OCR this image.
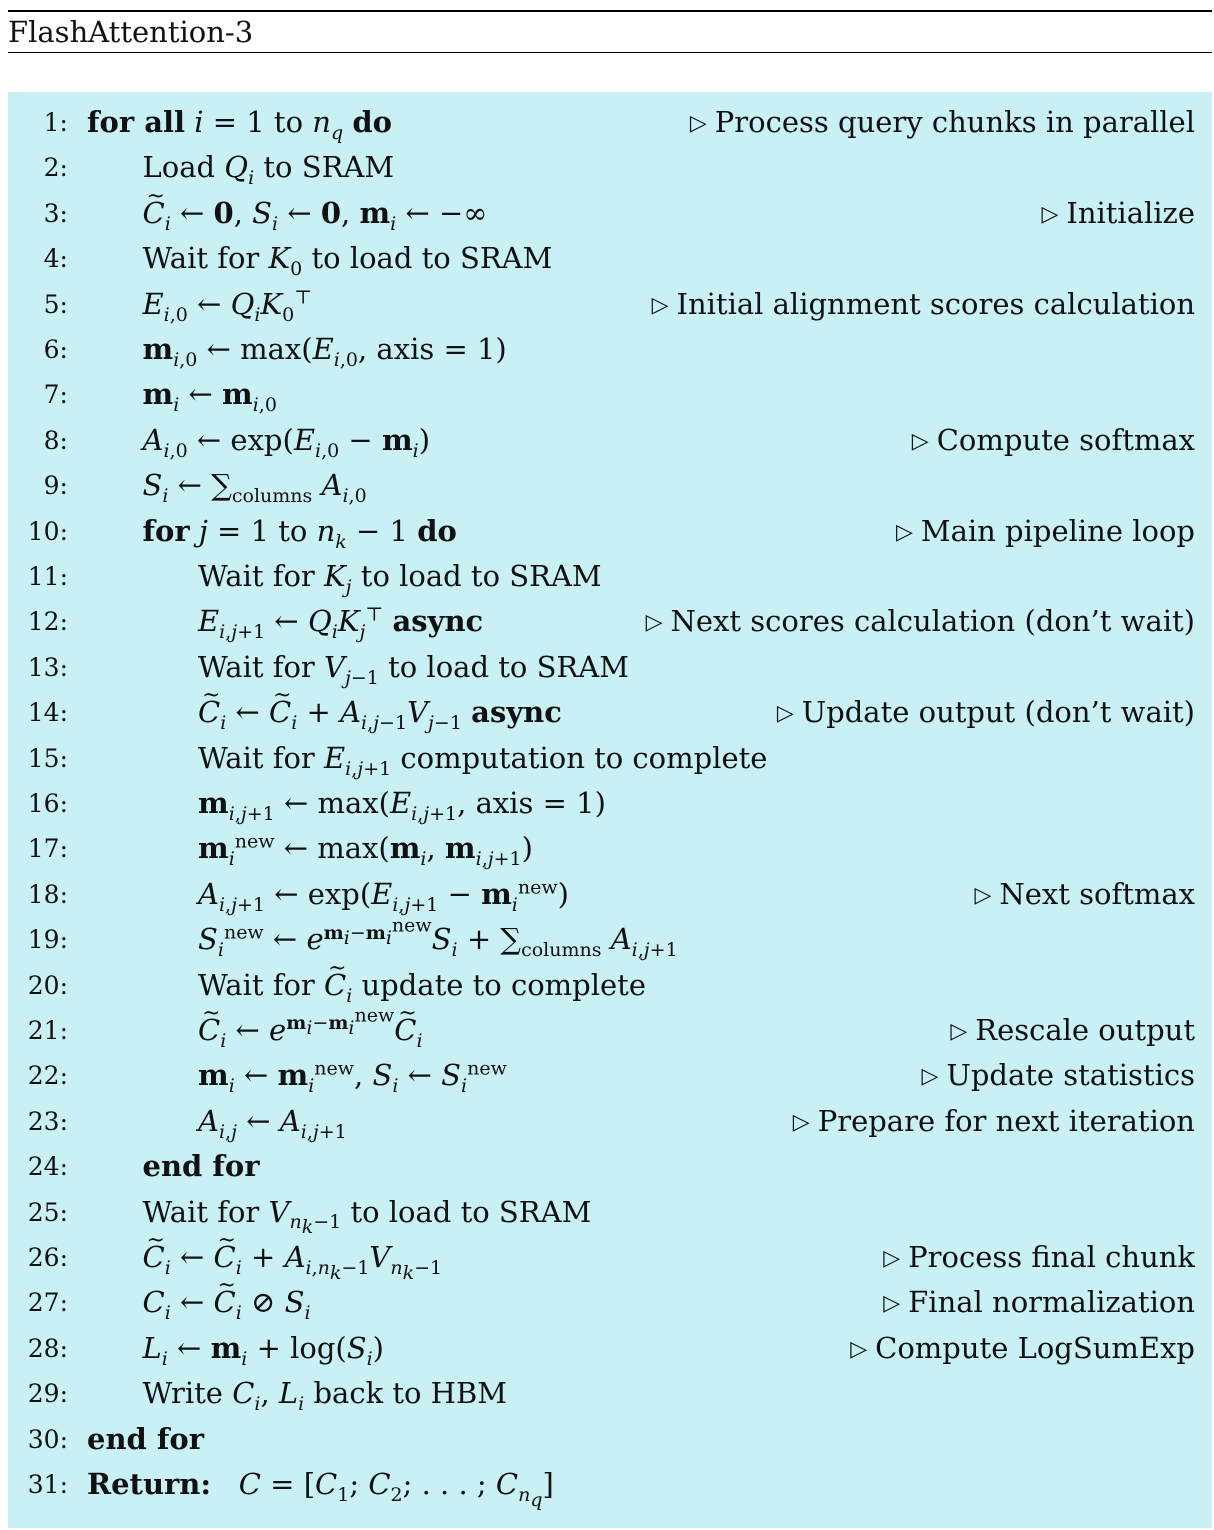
FlashAttention-3
1: for all i = 1 to $n_q$ do	▷ Process query chunks in parallel
2:	Load $Q_i$ to SRAM
3:	~ $C_i$ ← 0, $S_i$ ← 0, $m_i$ ← −∞	▷ Initialize
4:	Wait for $K_0$ to load to SRAM
5:	$E_{i,0}$ ← $Q_iK_0^⊤$	▷ Initial alignment scores calculation
6:	$m_{i,0}$ ← $\max(E_{i,0}$, axis = 1)
7:	$m_i$ ← $m_{i,0}$
8:	$A_{i,0}$ ← $\exp(E_{i,0} - m_i)$	▷ Compute softmax
9:	$S_i$ ← $\sum_{columns}$ $A_{i,0}$
10:	for j = 1 to $n_k - 1$ do	▷ Main pipeline loop
11:	Wait for $K_j$ to load to SRAM
12:	$E_{i,j+1}$ ← $Q_iK_j^⊤$ async	▷ Next scores calculation (don’t wait)
13:	Wait for $V_{j-1}$ to load to SRAM
14:	~ $C_i$ ← ~ $C_i + A_{i,j-1}V_{j-1}$ async	▷ Update output (don’t wait)
15:	Wait for $E_{i,j+1}$ computation to complete
16:	$m_{i,j+1}$ ← $\max(E_{i,j+1}$, axis = 1)
17:	$m_i^{new}$ ← $\max(m_i$, $m_{i,j+1}$)
18:	$A_{i,j+1}$ ← $\exp(E_{i,j+1} - m_i^{new})$	▷ Next softmax
19:	$S_i^{new}$ ← $e^{m_i-m_i^{new}}S_i + \sum_{columns}$ $A_{i,j+1}$
20:	Wait for ~ $C_i$ update to complete
21:	~ $C_i$ ← $e^{m_i-m_i^{new}}\sim$ $C_i$	▷ Rescale output
22:	$m_i$ ← $m_i^{new}$, $S_i$ ← $S_i^{new}$	▷ Update statistics
23:	$A_{i,j}$ ← $A_{i,j+1}$	▷ Prepare for next iteration
24:	end for
25:	Wait for $V_{n_k-1}$ to load to SRAM
26:	~ $C_i$ ← ~ $C_i + A_{i,n_k-1}V_{n_k-1}$	▷ Process final chunk
27:	$C_i$ ← ~ $C_i$ ⊘ $S_i$	▷ Final normalization
28:	$L_i$ ← $m_i + \log(S_i)$	▷ Compute LogSumExp
29:	Write $C_i$, $L_i$ back to HBM
30: end for
31: Return: $C = [C_1$; $C_2$; . . . ; $C_{n_q}$]
